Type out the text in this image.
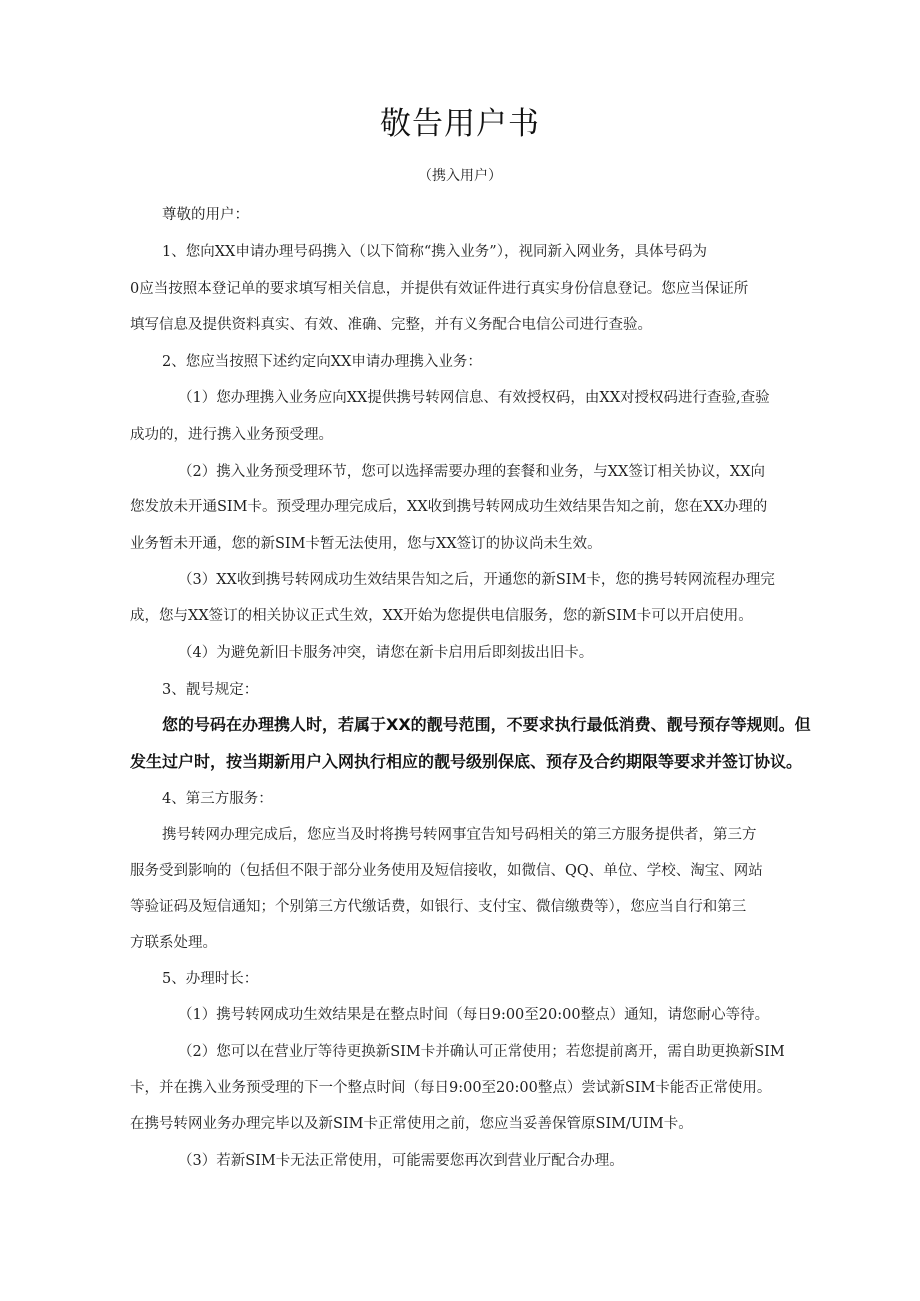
敬告用户书
（携入用户）
尊敬的用户：
1、您向XX申请办理号码携入（以下简称“携入业务”），视同新入网业务，具体号码为
0应当按照本登记单的要求填写相关信息，并提供有效证件进行真实身份信息登记。您应当保证所
填写信息及提供资料真实、有效、准确、完整，并有义务配合电信公司进行查验。
2、您应当按照下述约定向XX申请办理携入业务：
（1）您办理携入业务应向XX提供携号转网信息、有效授权码，由XX对授权码进行查验,查验
成功的，进行携入业务预受理。
（2）携入业务预受理环节，您可以选择需要办理的套餐和业务，与XX签订相关协议，XX向
您发放未开通SIM卡。预受理办理完成后，XX收到携号转网成功生效结果告知之前，您在XX办理的
业务暂未开通，您的新SIM卡暂无法使用，您与XX签订的协议尚未生效。
（3）XX收到携号转网成功生效结果告知之后，开通您的新SIM卡，您的携号转网流程办理完
成，您与XX签订的相关协议正式生效，XX开始为您提供电信服务，您的新SIM卡可以开启使用。
（4）为避免新旧卡服务冲突，请您在新卡启用后即刻拔出旧卡。
3、靓号规定：
您的号码在办理携人时，若属于XX的靓号范围，不要求执行最低消费、靓号预存等规则。但
发生过户时，按当期新用户入网执行相应的靓号级别保底、预存及合约期限等要求并签订协议。
4、第三方服务：
携号转网办理完成后，您应当及时将携号转网事宜告知号码相关的第三方服务提供者，第三方
服务受到影响的（包括但不限于部分业务使用及短信接收，如微信、QQ、单位、学校、淘宝、网站
等验证码及短信通知；个别第三方代缴话费，如银行、支付宝、微信缴费等），您应当自行和第三
方联系处理。
5、办理时长：
（1）携号转网成功生效结果是在整点时间（每日9:00至20:00整点）通知，请您耐心等待。
（2）您可以在营业厅等待更换新SIM卡并确认可正常使用；若您提前离开，需自助更换新SIM
卡，并在携入业务预受理的下一个整点时间（每日9:00至20:00整点）尝试新SIM卡能否正常使用。
在携号转网业务办理完毕以及新SIM卡正常使用之前，您应当妥善保管原SIM/UIM卡。
（3）若新SIM卡无法正常使用，可能需要您再次到营业厅配合办理。
